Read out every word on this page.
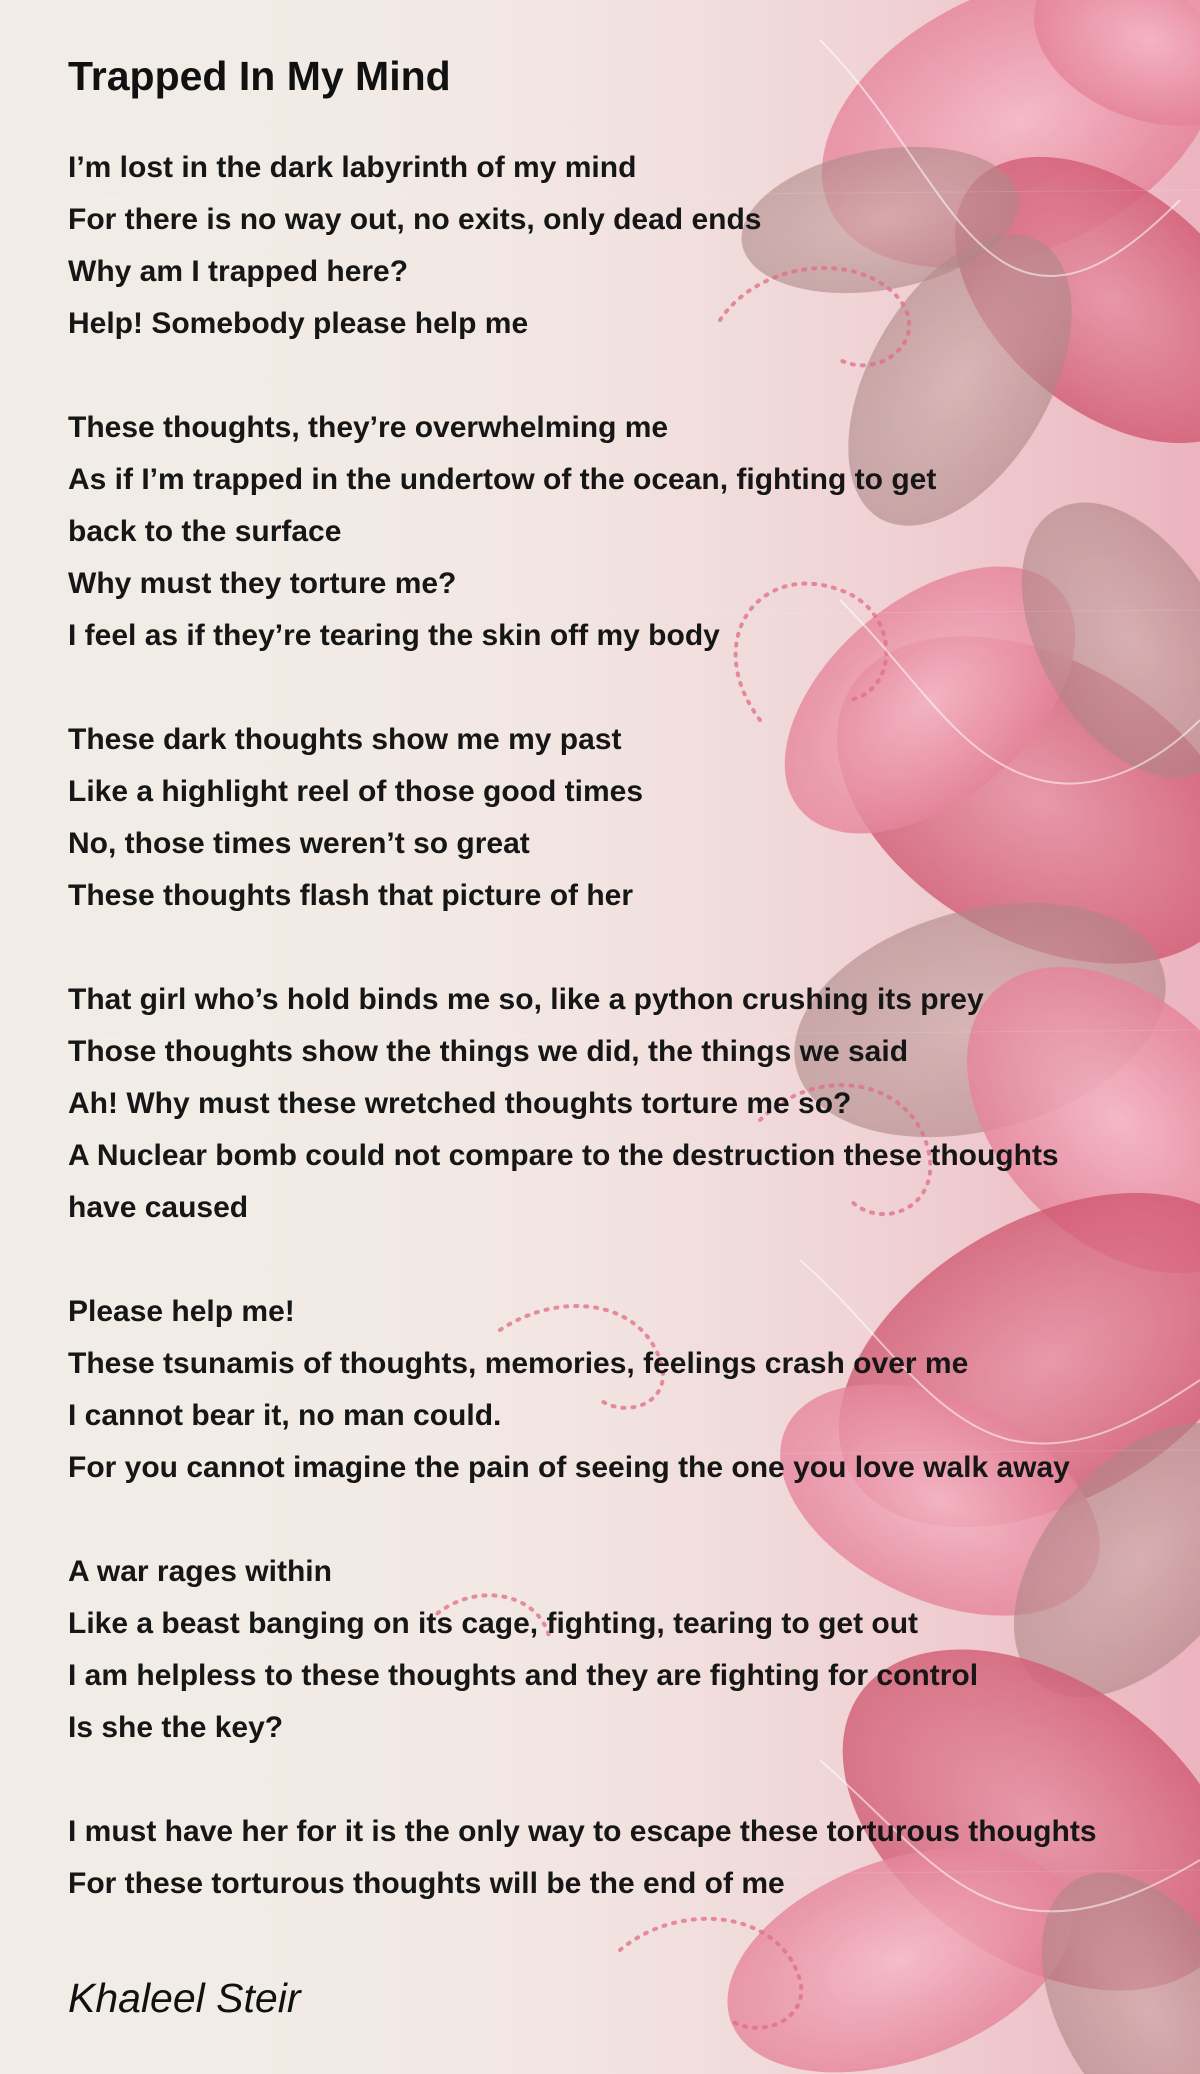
Trapped In My Mind
I’m lost in the dark labyrinth of my mind
For there is no way out, no exits, only dead ends
Why am I trapped here?
Help! Somebody please help me
These thoughts, they’re overwhelming me
As if I’m trapped in the undertow of the ocean, fighting to get
back to the surface
Why must they torture me?
I feel as if they’re tearing the skin off my body
These dark thoughts show me my past
Like a highlight reel of those good times
No, those times weren’t so great
These thoughts flash that picture of her
That girl who’s hold binds me so, like a python crushing its prey
Those thoughts show the things we did, the things we said
Ah! Why must these wretched thoughts torture me so?
A Nuclear bomb could not compare to the destruction these thoughts
have caused
Please help me!
These tsunamis of thoughts, memories, feelings crash over me
I cannot bear it, no man could.
For you cannot imagine the pain of seeing the one you love walk away
A war rages within
Like a beast banging on its cage, fighting, tearing to get out
I am helpless to these thoughts and they are fighting for control
Is she the key?
I must have her for it is the only way to escape these torturous thoughts
For these torturous thoughts will be the end of me
Khaleel Steir
